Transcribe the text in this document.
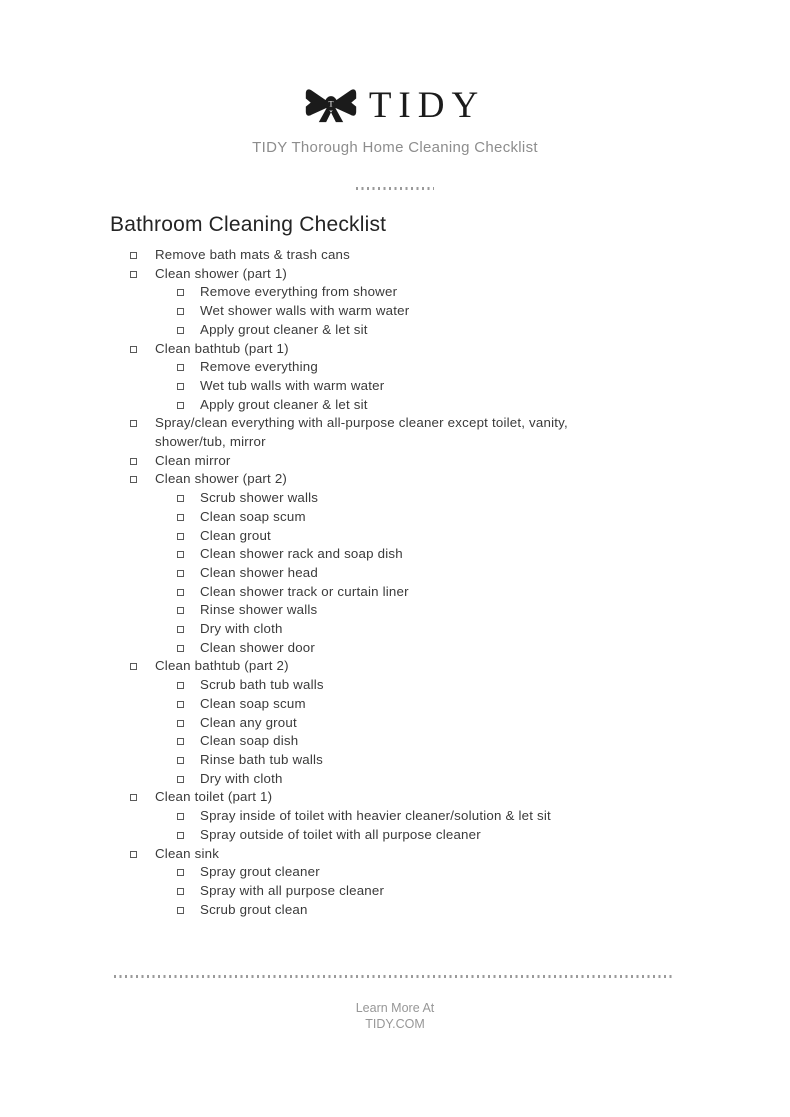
T TIDY
TIDY Thorough Home Cleaning Checklist
Bathroom Cleaning Checklist
Remove bath mats & trash cans
Clean shower (part 1)
Remove everything from shower
Wet shower walls with warm water
Apply grout cleaner & let sit
Clean bathtub (part 1)
Remove everything
Wet tub walls with warm water
Apply grout cleaner & let sit
Spray/clean everything with all-purpose cleaner except toilet, vanity, shower/tub, mirror
Clean mirror
Clean shower (part 2)
Scrub shower walls
Clean soap scum
Clean grout
Clean shower rack and soap dish
Clean shower head
Clean shower track or curtain liner
Rinse shower walls
Dry with cloth
Clean shower door
Clean bathtub (part 2)
Scrub bath tub walls
Clean soap scum
Clean any grout
Clean soap dish
Rinse bath tub walls
Dry with cloth
Clean toilet (part 1)
Spray inside of toilet with heavier cleaner/solution & let sit
Spray outside of toilet with all purpose cleaner
Clean sink
Spray grout cleaner
Spray with all purpose cleaner
Scrub grout clean
Learn More At
TIDY.COM
